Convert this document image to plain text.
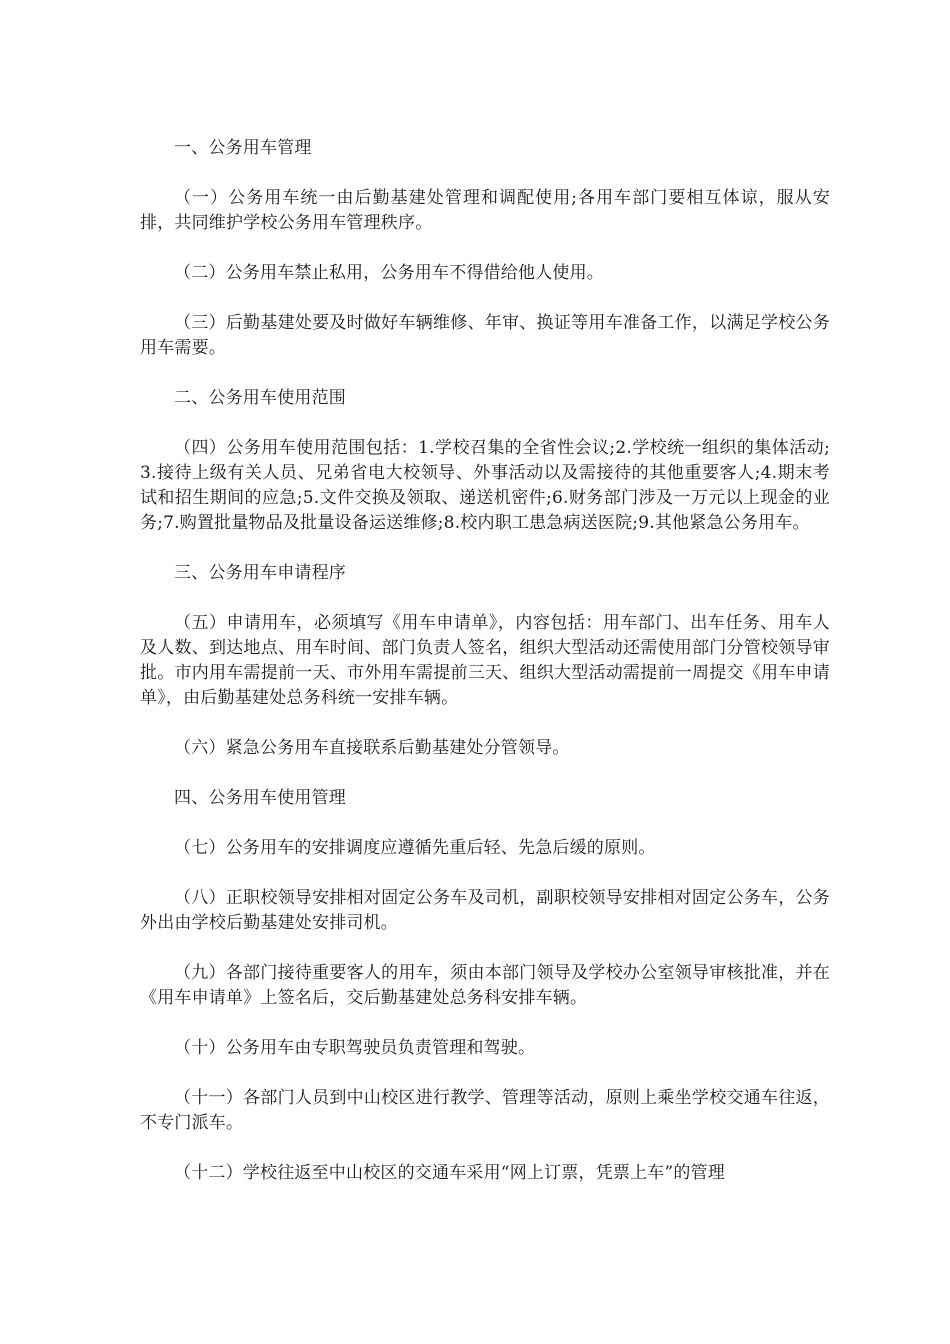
一、公务用车管理

（一）公务用车统一由后勤基建处管理和调配使用;各用车部门要相互体谅，服从安排，共同维护学校公务用车管理秩序。

（二）公务用车禁止私用，公务用车不得借给他人使用。

（三）后勤基建处要及时做好车辆维修、年审、换证等用车准备工作，以满足学校公务用车需要。

二、公务用车使用范围

（四）公务用车使用范围包括：1.学校召集的全省性会议;2.学校统一组织的集体活动;3.接待上级有关人员、兄弟省电大校领导、外事活动以及需接待的其他重要客人;4.期末考试和招生期间的应急;5.文件交换及领取、递送机密件;6.财务部门涉及一万元以上现金的业务;7.购置批量物品及批量设备运送维修;8.校内职工患急病送医院;9.其他紧急公务用车。

三、公务用车申请程序

（五）申请用车，必须填写《用车申请单》，内容包括：用车部门、出车任务、用车人及人数、到达地点、用车时间、部门负责人签名，组织大型活动还需使用部门分管校领导审批。市内用车需提前一天、市外用车需提前三天、组织大型活动需提前一周提交《用车申请单》，由后勤基建处总务科统一安排车辆。

（六）紧急公务用车直接联系后勤基建处分管领导。

四、公务用车使用管理

（七）公务用车的安排调度应遵循先重后轻、先急后缓的原则。

（八）正职校领导安排相对固定公务车及司机，副职校领导安排相对固定公务车，公务外出由学校后勤基建处安排司机。

（九）各部门接待重要客人的用车，须由本部门领导及学校办公室领导审核批准，并在《用车申请单》上签名后，交后勤基建处总务科安排车辆。

（十）公务用车由专职驾驶员负责管理和驾驶。

（十一）各部门人员到中山校区进行教学、管理等活动，原则上乘坐学校交通车往返，不专门派车。

（十二）学校往返至中山校区的交通车采用“网上订票，凭票上车”的管理
